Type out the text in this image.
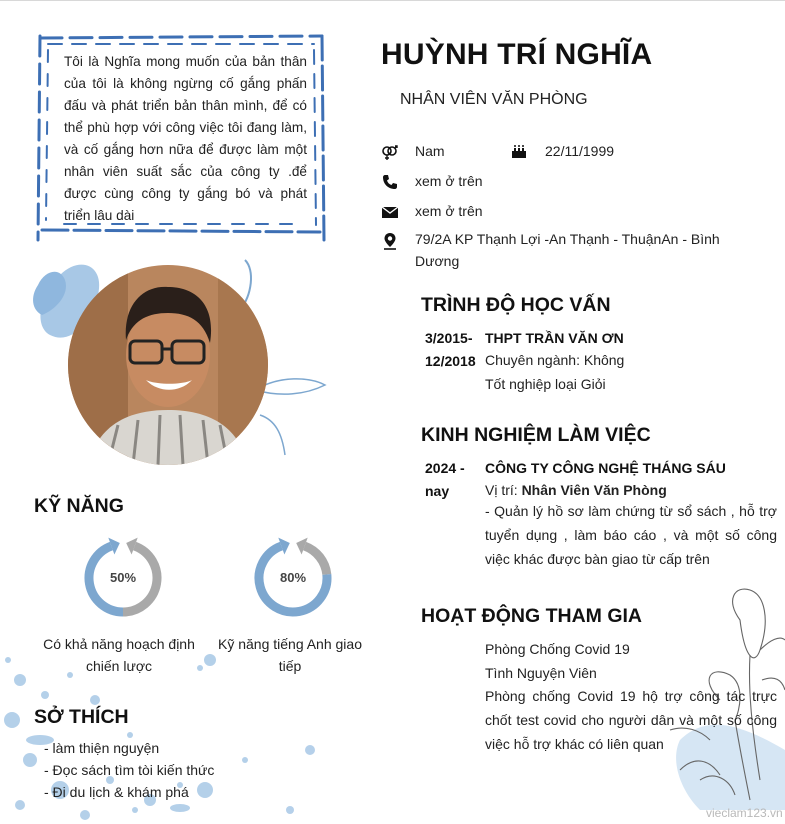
Tôi là Nghĩa mong muốn của bản thân của tôi là không ngừng cố gắng phấn đấu và phát triển bản thân mình, để có thể phù hợp với công việc tôi đang làm, và cố gắng hơn nữa để được làm một nhân viên suất sắc của công ty .để được cùng công ty gắng bó và phát triển lâu dài
HUỲNH TRÍ NGHĨA
NHÂN VIÊN VĂN PHÒNG
Nam	22/11/1999
xem ở trên
xem ở trên
79/2A KP Thạnh Lợi -An Thạnh - ThuậnAn - Bình
Dương
TRÌNH ĐỘ HỌC VẤN
3/2015-
12/2018
THPT TRẦN VĂN ƠN
Chuyên ngành: Không
Tốt nghiệp loại Giỏi
KINH NGHIỆM LÀM VIỆC
2024 -
nay
CÔNG TY CÔNG NGHỆ THÁNG SÁU
Vị trí: Nhân Viên Văn Phòng
- Quản lý hồ sơ làm chứng từ sổ sách , hỗ trợ tuyển dụng , làm báo cáo , và một số công việc khác được bàn giao từ cấp trên
HOẠT ĐỘNG THAM GIA
Phòng Chống Covid 19
Tình Nguyện Viên
Phòng chống Covid 19 hộ trợ công tác trực chốt test covid cho người dân và một số công việc hỗ trợ khác có liên quan
KỸ NĂNG
50%
Có khả năng hoạch định chiến lược
80%
Kỹ năng tiếng Anh giao tiếp
SỞ THÍCH
- làm thiện nguyện
- Đọc sách tìm tòi kiến thức
- Đi du lịch & khám phá
vieclam123.vn
